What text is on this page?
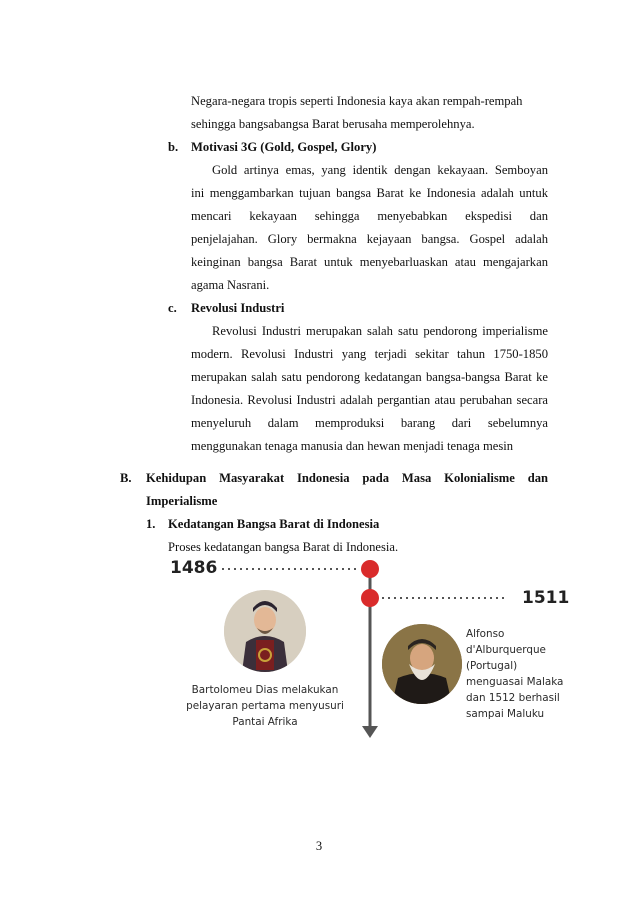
Negara-negara tropis seperti Indonesia kaya akan rempah-rempah
sehingga bangsabangsa Barat berusaha memperolehnya.
b. Motivasi 3G (Gold, Gospel, Glory)
Gold artinya emas, yang identik dengan kekayaan. Semboyan
ini menggambarkan tujuan bangsa Barat ke Indonesia adalah untuk
mencari kekayaan sehingga menyebabkan ekspedisi dan
penjelajahan. Glory bermakna kejayaan bangsa. Gospel adalah
keinginan bangsa Barat untuk menyebarluaskan atau mengajarkan
agama Nasrani.
c. Revolusi Industri
Revolusi Industri merupakan salah satu pendorong imperialisme
modern. Revolusi Industri yang terjadi sekitar tahun 1750-1850
merupakan salah satu pendorong kedatangan bangsa-bangsa Barat ke
Indonesia. Revolusi Industri adalah pergantian atau perubahan secara
menyeluruh dalam memproduksi barang dari sebelumnya
menggunakan tenaga manusia dan hewan menjadi tenaga mesin
B. Kehidupan Masyarakat Indonesia pada Masa Kolonialisme dan
Imperialisme
1. Kedatangan Bangsa Barat di Indonesia
Proses kedatangan bangsa Barat di Indonesia.
1486
1511
Bartolomeu Dias melakukan
pelayaran pertama menyusuri
Pantai Afrika
Alfonso
d'Alburquerque
(Portugal)
menguasai Malaka
dan 1512 berhasil
sampai Maluku
3
